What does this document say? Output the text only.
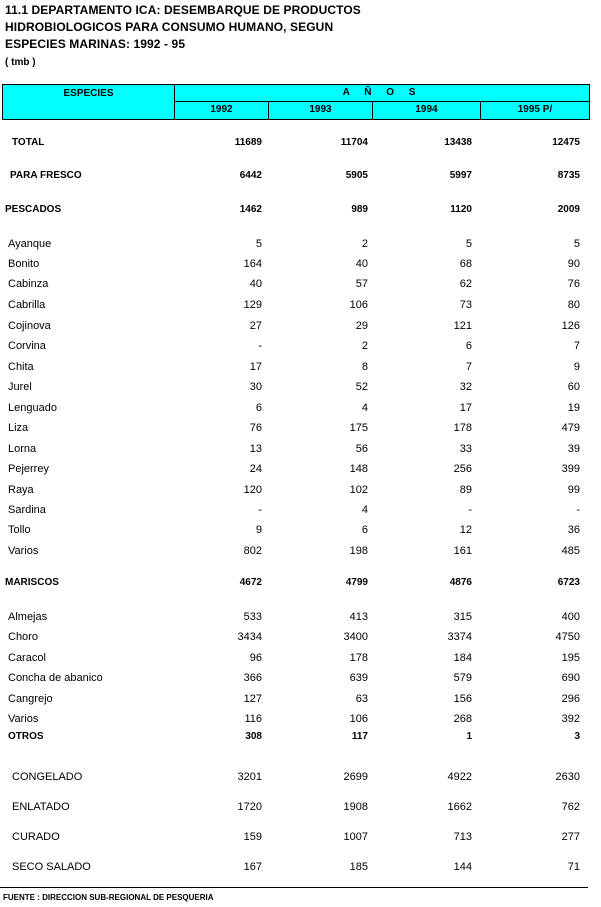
11.1 DEPARTAMENTO ICA: DESEMBARQUE DE PRODUCTOS
HIDROBIOLOGICOS PARA CONSUMO HUMANO, SEGUN
ESPECIES MARINAS: 1992 - 95
( tmb )
ESPECIES	A Ñ O S
1992	1993	1994	1995 P/
TOTAL	11689	11704	13438	12475
PARA FRESCO	6442	5905	5997	8735
PESCADOS	1462	989	1120	2009
Ayanque	5	2	5	5
Bonito	164	40	68	90
Cabinza	40	57	62	76
Cabrilla	129	106	73	80
Cojinova	27	29	121	126
Corvina	-	2	6	7
Chita	17	8	7	9
Jurel	30	52	32	60
Lenguado	6	4	17	19
Liza	76	175	178	479
Lorna	13	56	33	39
Pejerrey	24	148	256	399
Raya	120	102	89	99
Sardina	-	4	-	-
Tollo	9	6	12	36
Varios	802	198	161	485
MARISCOS	4672	4799	4876	6723
Almejas	533	413	315	400
Choro	3434	3400	3374	4750
Caracol	96	178	184	195
Concha de abanico	366	639	579	690
Cangrejo	127	63	156	296
Varios	116	106	268	392
OTROS	308	117	1	3
CONGELADO	3201	2699	4922	2630
ENLATADO	1720	1908	1662	762
CURADO	159	1007	713	277
SECO SALADO	167	185	144	71
FUENTE : DIRECCION SUB-REGIONAL DE PESQUERIA
